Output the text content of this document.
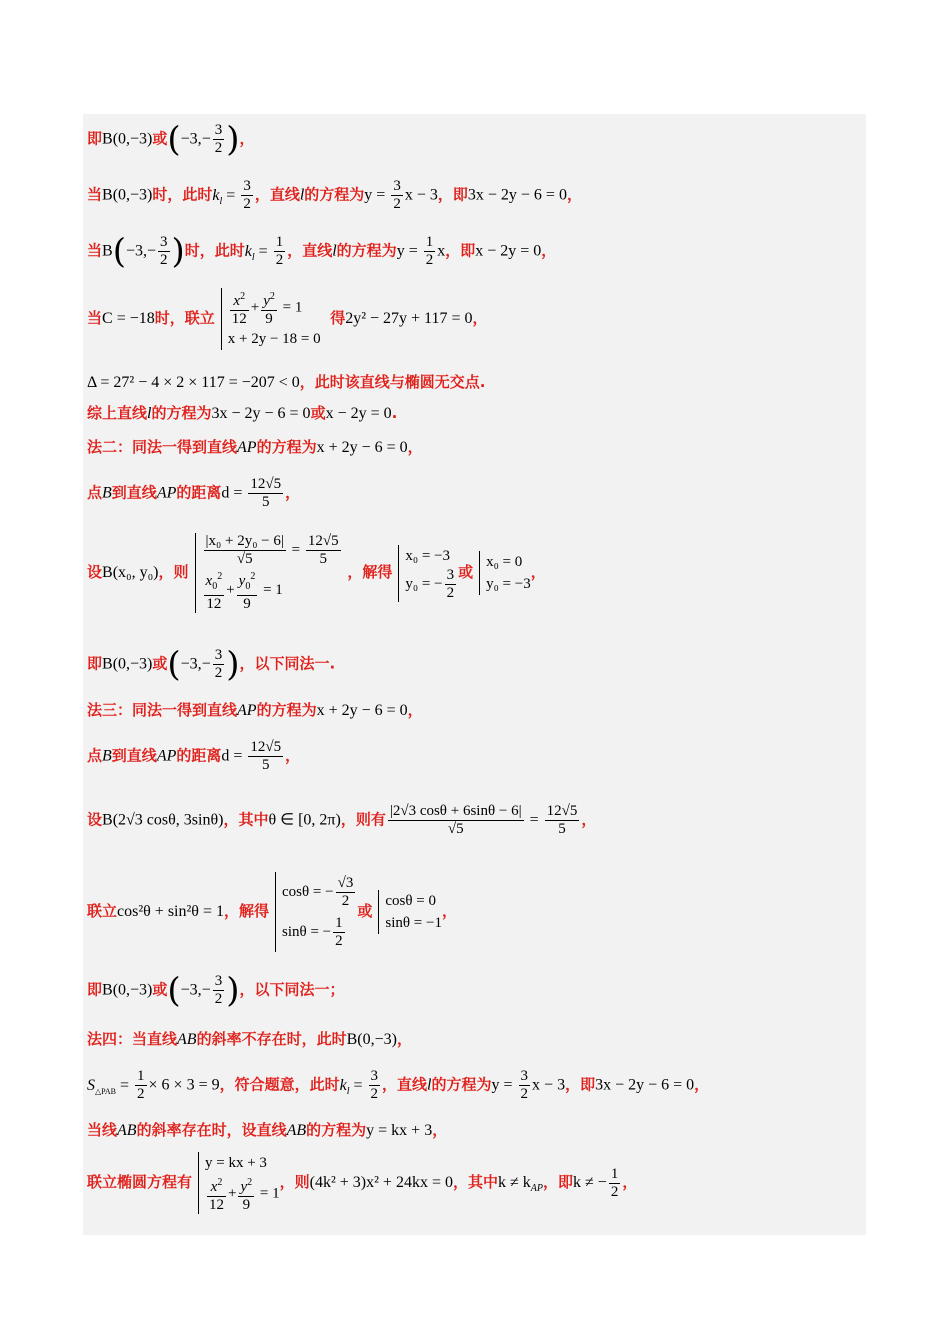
即B(0,−3)或($-3,- \frac{3}{2}$ )，
当B(0,−3)时，此时$k_l = \frac{3}{2}$ ，直线l的方程为$y = \frac{3}{2}$ x − 3，即3x − 2y − 6 = 0，
当$B(-3,- \frac{3}{2}$ )时，此时$k_l = \frac{1}{2}$ ，直线l的方程为$y = \frac{1}{2}$ x，即x − 2y = 0，
当C = −18时，联立 $\frac{x^2}{12} + \frac{y^2}{9} = 1$
x + 2y − 18 = 0
得2y² − 27y + 117 = 0，
Δ = 27² − 4 × 2 × 117 = −207 < 0，此时该直线与椭圆无交点.
综上直线l的方程为3x − 2y − 6 = 0或x − 2y = 0.
法二：同法一得到直线AP的方程为x + 2y − 6 = 0，
点B到直线AP的距离$d = \frac{12√5}{5}$ ，
设B(x₀, y₀)，则
$\frac{\text{|x₀ + 2y₀ − 6|}}{√5} = \frac{12√5}{5}$
$\frac{x_0^2}{12} + \frac{y_0^2}{9} = 1$
，解得
x₀ = −3
y₀ = − $\frac{3}{2}$ 或
x₀ = 0
y₀ = −3
，
即B(0,−3)或($-3,- \frac{3}{2}$ )，以下同法一.
法三：同法一得到直线AP的方程为x + 2y − 6 = 0，
点B到直线AP的距离$d = \frac{12√5}{5}$ ，
设B(2√3 cosθ, 3sinθ)，其中θ ∈ [0, 2π)，则有 $\frac{|2√3 \cos\theta + 6\sin\theta - 6|}{√5} = \frac{12√5}{5}$ ，
联立cos²θ + sin²θ = 1，解得
cosθ = − $\frac{√3}{2}$
sinθ = − $\frac{1}{2}$
或
cosθ = 0
sinθ = −1
，
即B(0,−3)或($-3,- \frac{3}{2}$ )，以下同法一；
法四：当直线AB的斜率不存在时，此时B(0,−3)，
$S_{\triangle PAB} = \frac{1}{2} \times 6 \times 3 = 9$，符合题意，此时$k_l = \frac{3}{2}$ ，直线l的方程为$y = \frac{3}{2}$ x − 3，即3x − 2y − 6 = 0，
当线AB的斜率存在时，设直线AB的方程为y = kx + 3，
联立椭圆方程有
y = kx + 3
$\frac{x^2}{12} + \frac{y^2}{9} = 1$
，则(4k² + 3)x² + 24kx = 0，其中$k \ne k_{AP}$，即k ≠ − $\frac{1}{2}$ ，
